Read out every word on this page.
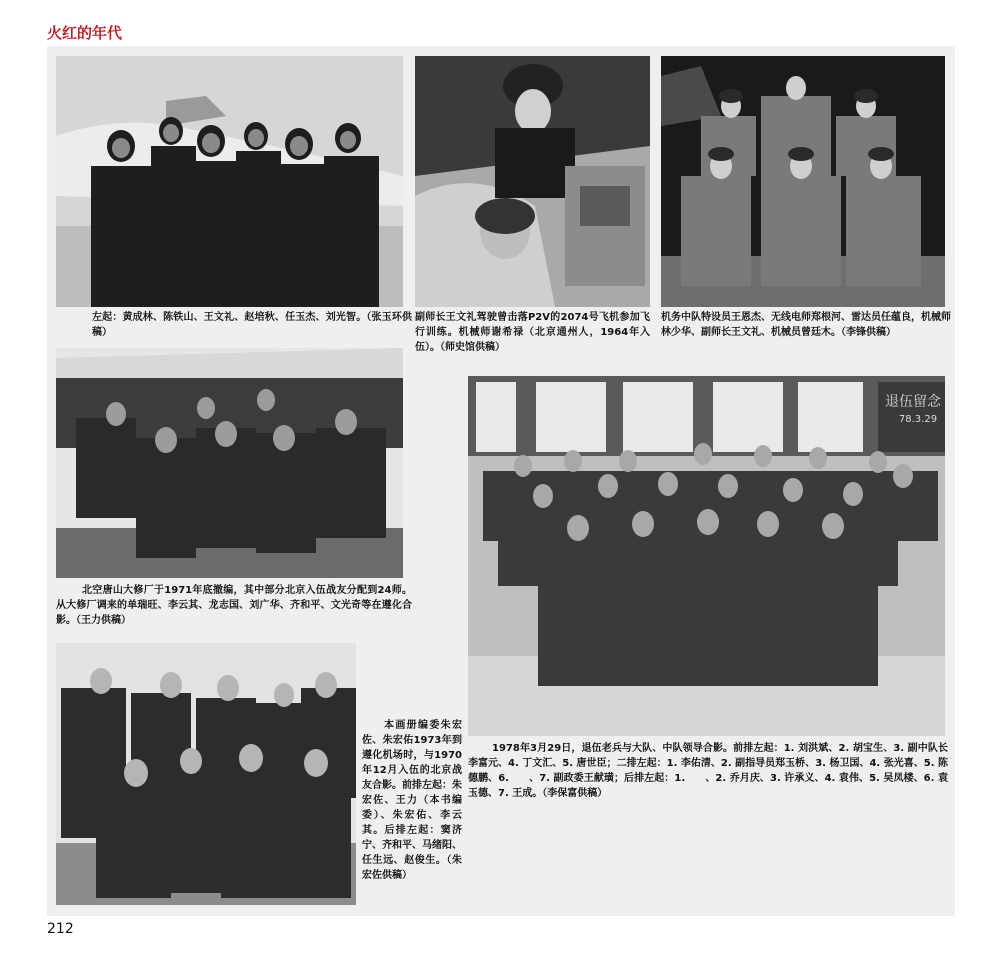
火红的年代
左起：黄成林、陈铁山、王文礼、赵培秋、任玉杰、刘光智。（张玉环供稿）
副师长王文礼驾驶曾击落P2V的2074号飞机参加飞行训练。机械师谢希禄（北京通州人，1964年入伍）。（师史馆供稿）
机务中队特设员王恩杰、无线电师郑根河、雷达员任蕴良，机械师林少华、副师长王文礼、机械员曾廷木。（李锋供稿）
北空唐山大修厂于1971年底撤编，其中部分北京入伍战友分配到24师。从大修厂调来的单瑞旺、李云其、龙志国、刘广华、齐和平、文光奇等在遵化合影。（王力供稿）
退伍留念
78.3.29
1978年3月29日，退伍老兵与大队、中队领导合影。前排左起：1. 刘洪斌、2. 胡宝生、3. 副中队长李富元、4. 丁文汇、5. 唐世臣；二排左起：1. 李佑清、2. 副指导员郑玉桥、3. 杨卫国、4. 张光喜、5. 陈德鹏、6.　　、7. 副政委王献璜；后排左起：1.　　、2. 乔月庆、3. 许承义、4. 袁伟、5. 吴凤楼、6. 袁玉德、7. 王成。（李保富供稿）
本画册编委朱宏佐、朱宏佑1973年到遵化机场时，与1970年12月入伍的北京战友合影。前排左起：朱宏佐、王力（本书编委）、朱宏佑、李云其。后排左起：窦济宁、齐和平、马绪阳、任生远、赵俊生。（朱宏佐供稿）
212
